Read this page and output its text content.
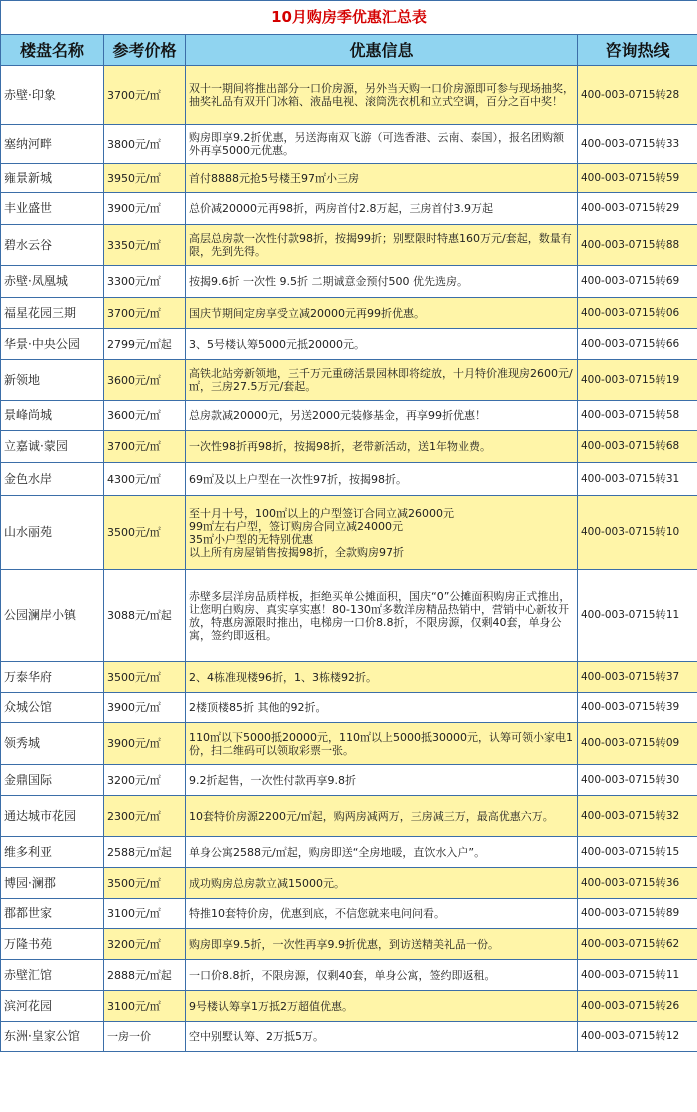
10月购房季优惠汇总表			
楼盘名称	参考价格	优惠信息	咨询热线
赤壁·印象	3700元/㎡	双十一期间将推出部分一口价房源，另外当天购一口价房源即可参与现场抽奖，抽奖礼品有双开门冰箱、液晶电视、滚筒洗衣机和立式空调，百分之百中奖！	400-003-0715转28
塞纳河畔	3800元/㎡	购房即享9.2折优惠，另送海南双飞游（可选香港、云南、泰国），报名团购额外再享5000元优惠。	400-003-0715转33
雍景新城	3950元/㎡	首付8888元抢5号楼王97㎡小三房	400-003-0715转59
丰业盛世	3900元/㎡	总价减20000元再98折，两房首付2.8万起，三房首付3.9万起	400-003-0715转29
碧水云谷	3350元/㎡	高层总房款一次性付款98折，按揭99折；别墅限时特惠160万元/套起，数量有限，先到先得。	400-003-0715转88
赤壁·凤凰城	3300元/㎡	按揭9.6折 一次性 9.5折 二期诚意金预付500 优先选房。	400-003-0715转69
福星花园三期	3700元/㎡	国庆节期间定房享受立减20000元再99折优惠。	400-003-0715转06
华景·中央公园	2799元/㎡起	3、5号楼认筹5000元抵20000元。	400-003-0715转66
新领地	3600元/㎡	高铁北站旁新领地，三千万元重磅活景园林即将绽放，十月特价准现房2600元/㎡，三房27.5万元/套起。	400-003-0715转19
景峰尚城	3600元/㎡	总房款减20000元，另送2000元装修基金，再享99折优惠！	400-003-0715转58
立嘉诚·蒙园	3700元/㎡	一次性98折再98折，按揭98折，老带新活动，送1年物业费。	400-003-0715转68
金色水岸	4300元/㎡	69㎡及以上户型在一次性97折，按揭98折。	400-003-0715转31
山水丽苑	3500元/㎡	至十月十号，100㎡以上的户型签订合同立减26000元
99㎡左右户型，签订购房合同立减24000元
35㎡小户型的无特别优惠
以上所有房屋销售按揭98折，全款购房97折	400-003-0715转10
公园澜岸小镇	3088元/㎡起	赤壁多层洋房品质样板，拒绝买单公摊面积，国庆“0”公摊面积购房正式推出，让您明白购房、真实享实惠！80-130㎡多数洋房精品热销中，营销中心新妆开放，特惠房源限时推出，电梯房一口价8.8折，不限房源，仅剩40套，单身公寓，签约即返租。	400-003-0715转11
万泰华府	3500元/㎡	2、4栋准现楼96折，1、3栋楼92折。	400-003-0715转37
众城公馆	3900元/㎡	2楼顶楼85折 其他的92折。	400-003-0715转39
领秀城	3900元/㎡	110㎡以下5000抵20000元，110㎡以上5000抵30000元，认筹可领小家电1份，扫二维码可以领取彩票一张。	400-003-0715转09
金鼎国际	3200元/㎡	9.2折起售，一次性付款再享9.8折	400-003-0715转30
通达城市花园	2300元/㎡	10套特价房源2200元/㎡起，购两房减两万，三房减三万，最高优惠六万。	400-003-0715转32
维多利亚	2588元/㎡起	单身公寓2588元/㎡起，购房即送“全房地暖，直饮水入户”。	400-003-0715转15
博园·澜郡	3500元/㎡	成功购房总房款立减15000元。	400-003-0715转36
郡都世家	3100元/㎡	特推10套特价房，优惠到底，不信您就来电问问看。	400-003-0715转89
万隆书苑	3200元/㎡	购房即享9.5折，一次性再享9.9折优惠，到访送精美礼品一份。	400-003-0715转62
赤壁汇馆	2888元/㎡起	一口价8.8折，不限房源，仅剩40套，单身公寓，签约即返租。	400-003-0715转11
滨河花园	3100元/㎡	9号楼认筹享1万抵2万超值优惠。	400-003-0715转26
东洲·皇家公馆	一房一价	空中别墅认筹、2万抵5万。	400-003-0715转12
